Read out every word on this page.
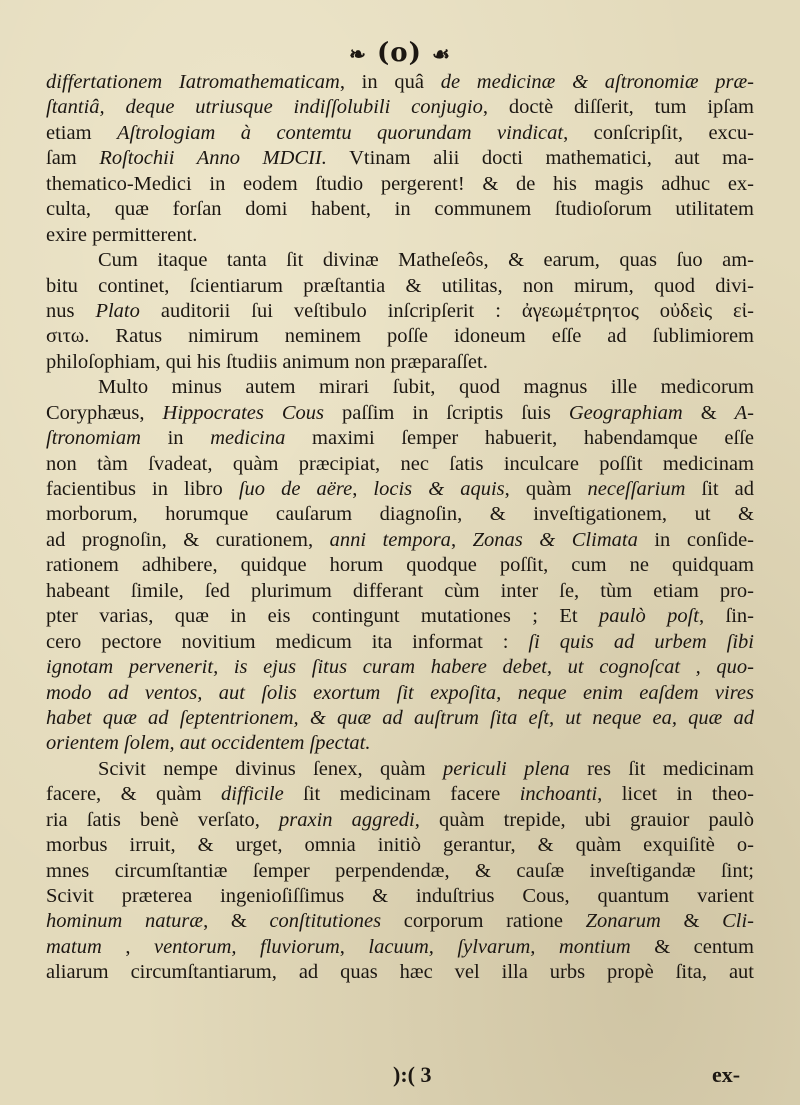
❧ (o) ☙
differtationem Iatromathematicam, in quâ de medicinæ & aſtronomiæ præ-
ſtantiâ, deque utriusque indiſſolubili conjugio, doctè diſſerit, tum ipſam
etiam Aſtrologiam à contemtu quorundam vindicat, conſcripſit, excu-
ſam Roſtochii Anno MDCII. Vtinam alii docti mathematici, aut ma-
thematico-Medici in eodem ſtudio pergerent! & de his magis adhuc ex-
culta, quæ forſan domi habent, in communem ſtudioſorum utilitatem
exire permitterent.
Cum itaque tanta ſit divinæ Matheſeôs, & earum, quas ſuo am-
bitu continet, ſcientiarum præſtantia & utilitas, non mirum, quod divi-
nus Plato auditorii ſui veſtibulo inſcripſerit : ἀγεωμέτρητος οὐδεὶς εἰ-
σιτω. Ratus nimirum neminem poſſe idoneum eſſe ad ſublimiorem
philoſophiam, qui his ſtudiis animum non præparaſſet.
Multo minus autem mirari ſubit, quod magnus ille medicorum
Coryphæus, Hippocrates Cous paſſim in ſcriptis ſuis Geographiam & A-
ſtronomiam in medicina maximi ſemper habuerit, habendamque eſſe
non tàm ſvadeat, quàm præcipiat, nec ſatis inculcare poſſit medicinam
facientibus in libro ſuo de aëre, locis & aquis, quàm neceſſarium ſit ad
morborum, horumque cauſarum diagnoſin, & inveſtigationem, ut &
ad prognoſin, & curationem, anni tempora, Zonas & Climata in conſide-
rationem adhibere, quidque horum quodque poſſit, cum ne quidquam
habeant ſimile, ſed plurimum differant cùm inter ſe, tùm etiam pro-
pter varias, quæ in eis contingunt mutationes ; Et paulò poſt, ſin-
cero pectore novitium medicum ita informat : ſi quis ad urbem ſibi
ignotam pervenerit, is ejus ſitus curam habere debet, ut cognoſcat , quo-
modo ad ventos, aut ſolis exortum ſit expoſita, neque enim eaſdem vires
habet quæ ad ſeptentrionem, & quæ ad auſtrum ſita eſt, ut neque ea, quæ ad
orientem ſolem, aut occidentem ſpectat.
Scivit nempe divinus ſenex, quàm periculi plena res ſit medicinam
facere, & quàm difficile ſit medicinam facere inchoanti, licet in theo-
ria ſatis benè verſato, praxin aggredi, quàm trepide, ubi grauior paulò
morbus irruit, & urget, omnia initiò gerantur, & quàm exquiſitè o-
mnes circumſtantiæ ſemper perpendendæ, & cauſæ inveſtigandæ ſint;
Scivit præterea ingenioſiſſimus & induſtrius Cous, quantum varient
hominum naturæ, & conſtitutiones corporum ratione Zonarum & Cli-
matum , ventorum, fluviorum, lacuum, ſylvarum, montium & centum
aliarum circumſtantiarum, ad quas hæc vel illa urbs propè ſita, aut
):( 3	ex-
